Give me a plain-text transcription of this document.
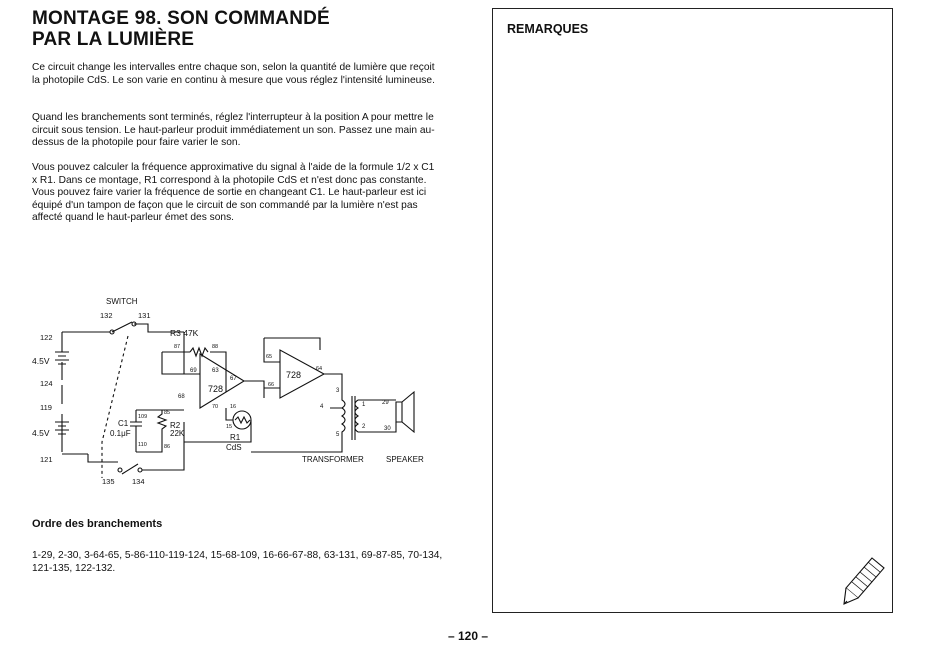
MONTAGE 98. SON COMMANDÉ
PAR LA LUMIÈRE

Ce circuit change les intervalles entre chaque son, selon la quantité de lumière que reçoit la photopile CdS. Le son varie en continu à mesure que vous réglez l'intensité lumineuse.

Quand les branchements sont terminés, réglez l'interrupteur à la position A pour mettre le circuit sous tension. Le haut-parleur produit immédiatement un son. Passez une main au-dessus de la photopile pour faire varier le son.

Vous pouvez calculer la fréquence approximative du signal à l'aide de la formule 1/2 x C1 x R1. Dans ce montage, R1 correspond à la photopile CdS et n'est donc pas constante. Vous pouvez faire varier la fréquence de sortie en changeant C1. Le haut-parleur est ici équipé d'un tampon de façon que le circuit de son commandé par la lumière n'est pas affecté quand le haut-parleur émet des sons.

SWITCH
132	131
R3 47K
122
4.5V
124
119
4.5V
121
135 134
87	88
69	63
728
67
68
70 16
15
109
C1
0.1μF
110
85
R2
22K
86
R1
CdS
65
728
64
66
3
4
5
1
2
29
30
TRANSFORMER	SPEAKER
Ordre des branchements

1-29, 2-30, 3-64-65, 5-86-110-119-124, 15-68-109, 16-66-67-88, 63-131, 69-87-85, 70-134, 121-135, 122-132.

REMARQUES

– 120 –
